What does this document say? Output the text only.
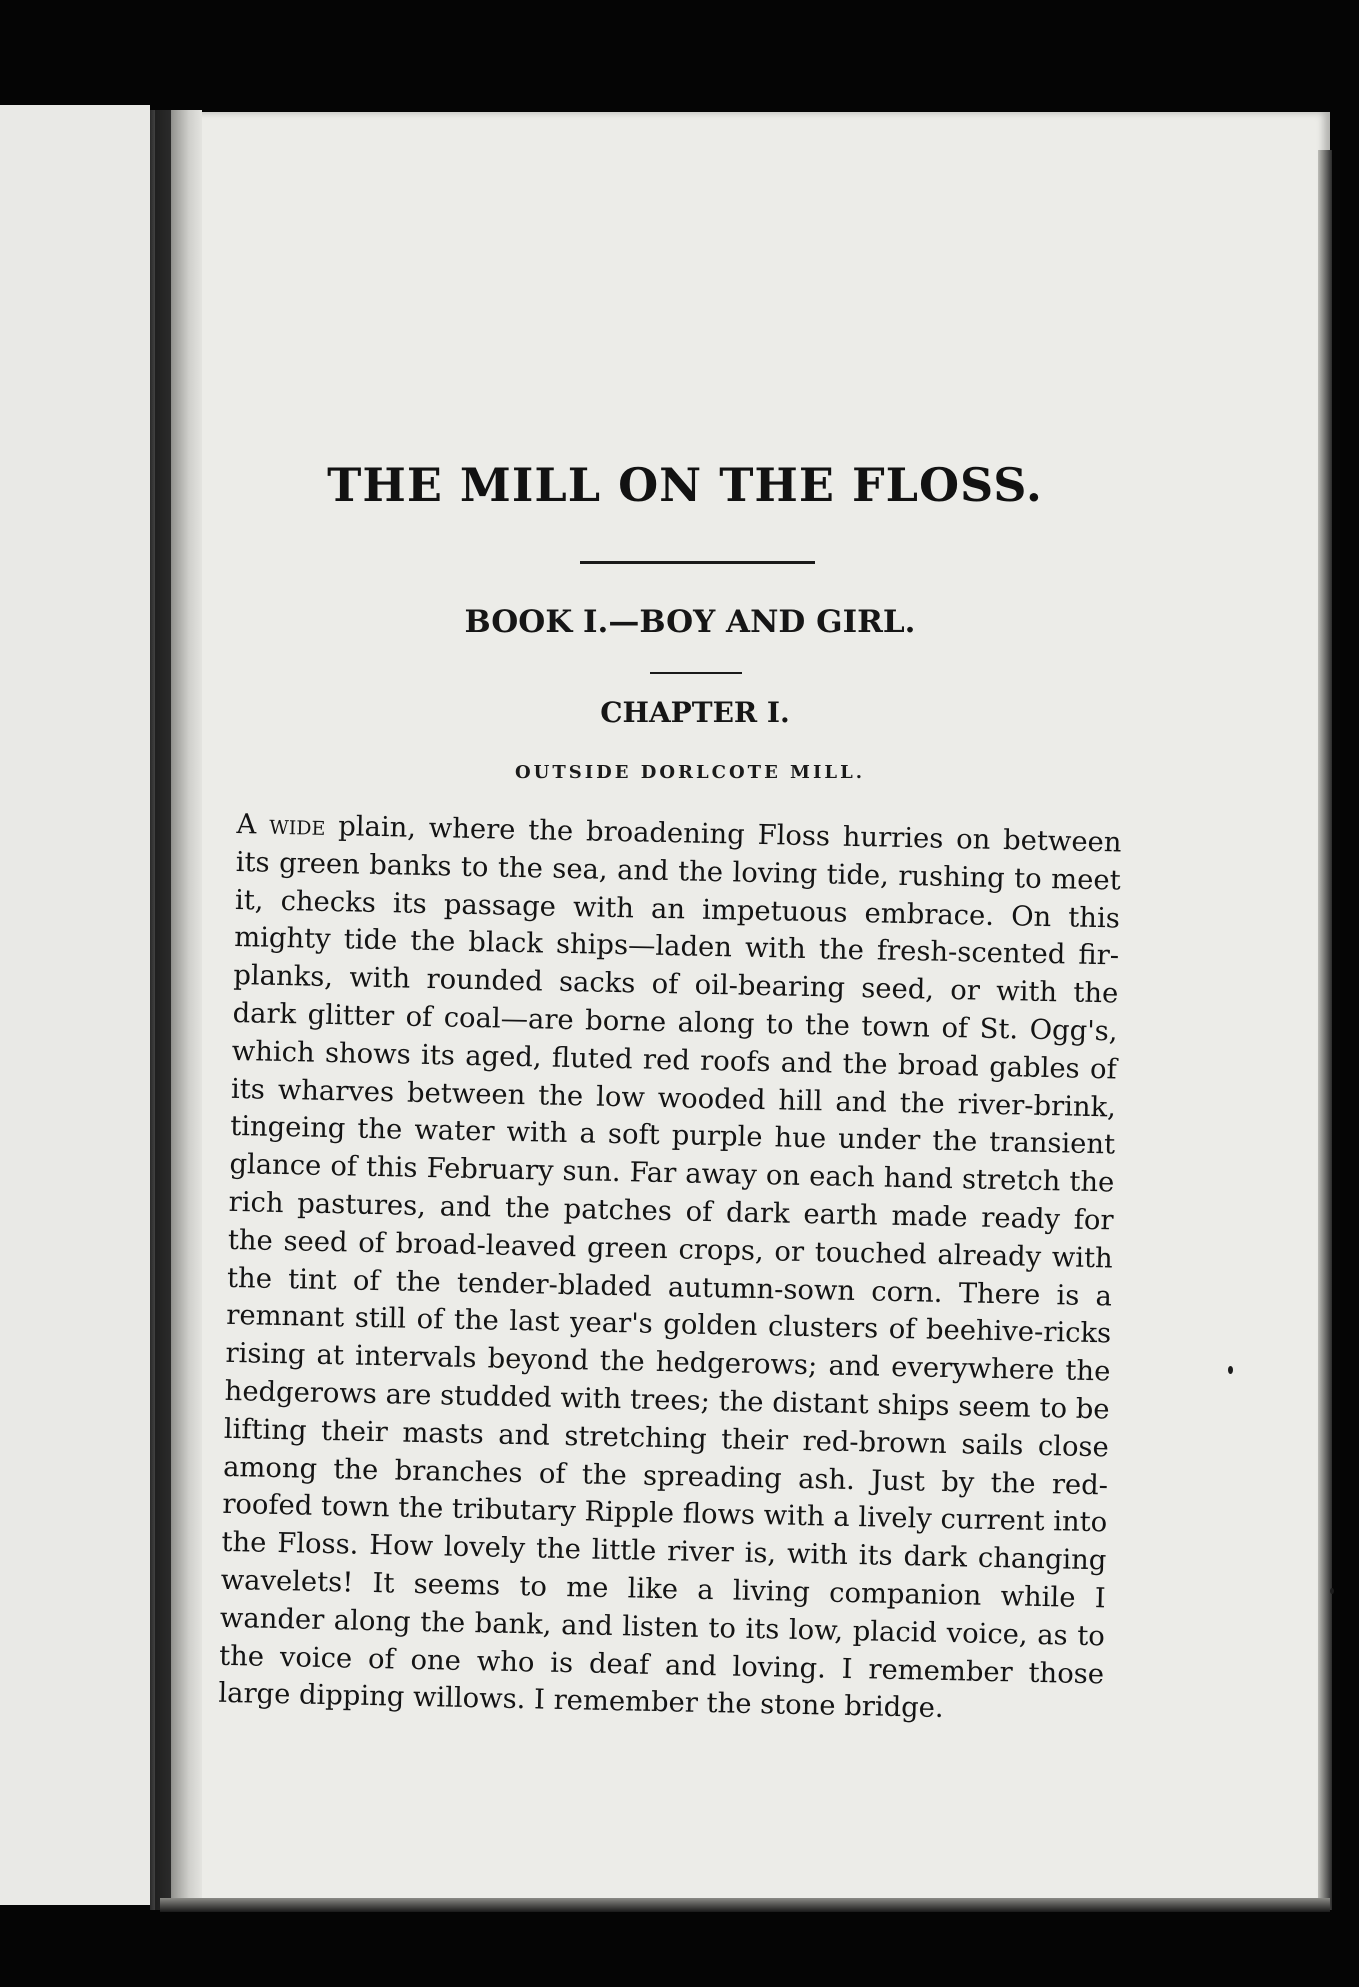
THE MILL ON THE FLOSS.
BOOK I.—BOY AND GIRL.
CHAPTER I.
OUTSIDE DORLCOTE MILL.

A wide plain, where the broadening Floss hurries on between its green banks to the sea, and the loving tide, rushing to meet it, checks its passage with an impetuous embrace. On this mighty tide the black ships—laden with the fresh-scented fir-planks, with rounded sacks of oil-bearing seed, or with the dark glitter of coal—are borne along to the town of St. Ogg's, which shows its aged, fluted red roofs and the broad gables of its wharves between the low wooded hill and the river-brink, tingeing the water with a soft purple hue under the transient glance of this February sun. Far away on each hand stretch the rich pastures, and the patches of dark earth made ready for the seed of broad-leaved green crops, or touched already with the tint of the tender-bladed autumn-sown corn. There is a remnant still of the last year's golden clusters of beehive-ricks rising at intervals beyond the hedgerows; and everywhere the hedgerows are studded with trees; the distant ships seem to be lifting their masts and stretching their red-brown sails close among the branches of the spreading ash. Just by the red-roofed town the tributary Ripple flows with a lively current into the Floss. How lovely the little river is, with its dark changing wavelets! It seems to me like a living companion while I wander along the bank, and listen to its low, placid voice, as to the voice of one who is deaf and loving. I remember those large dipping willows. I remember the stone bridge.
